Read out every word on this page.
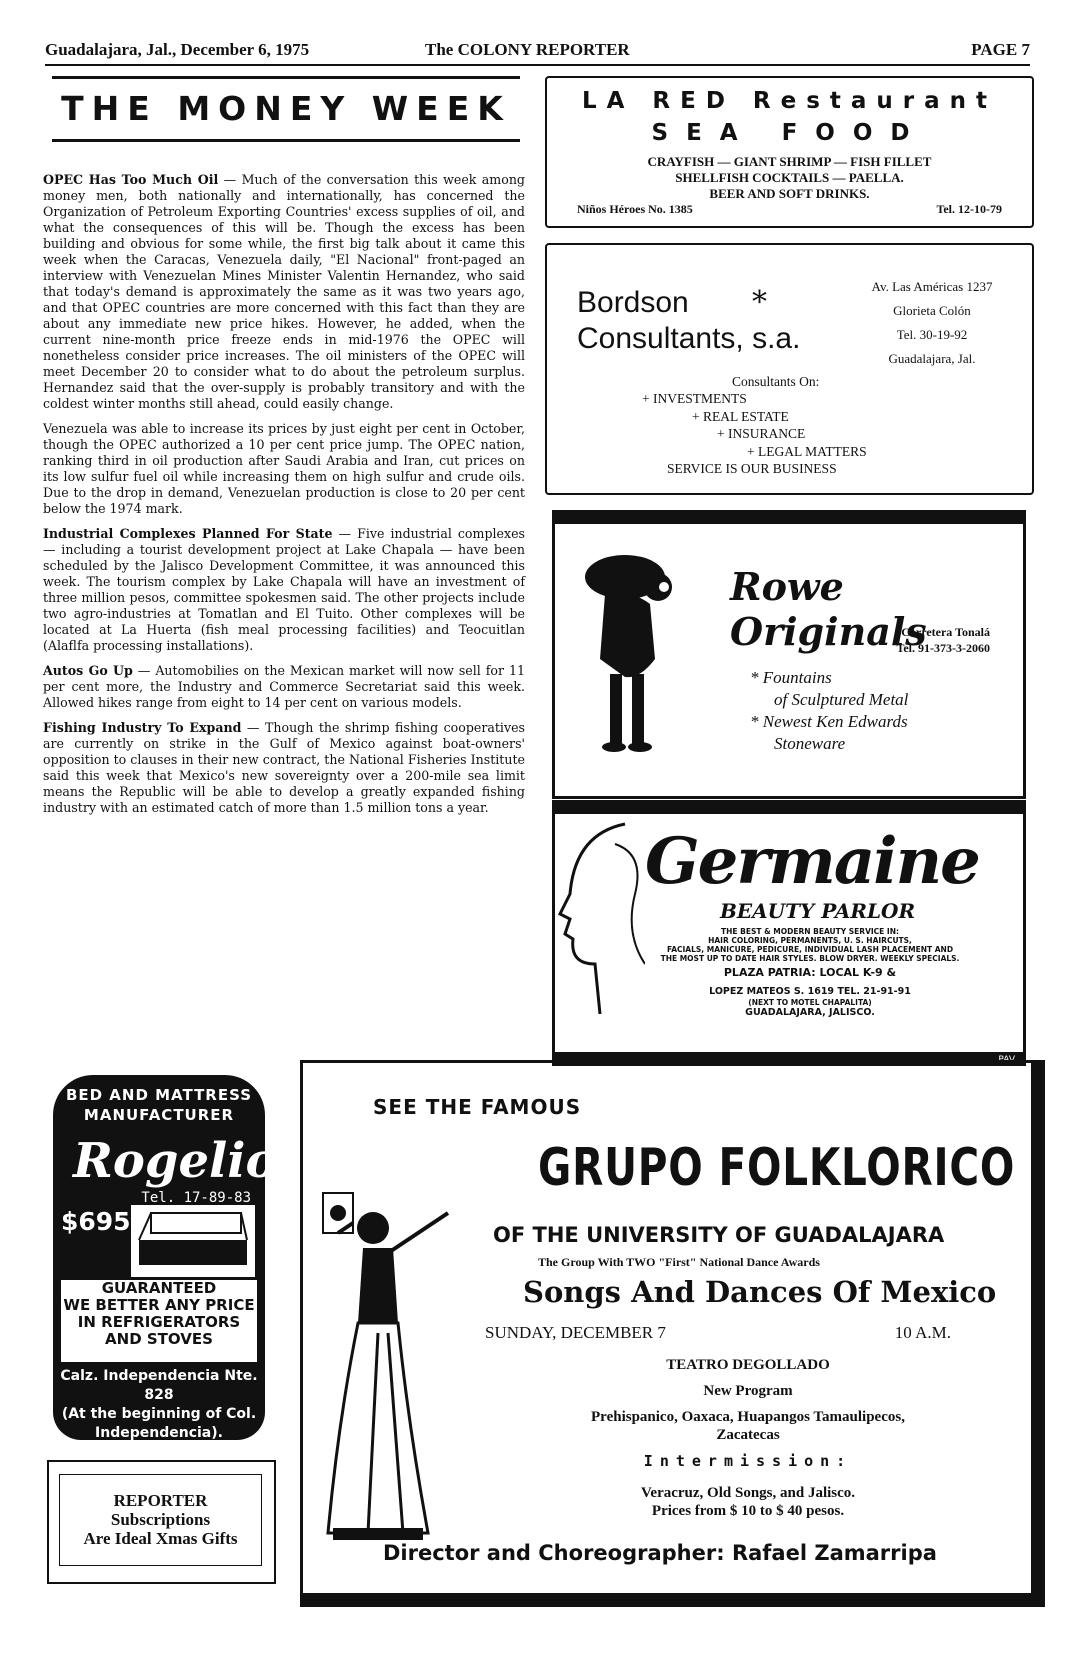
Guadalajara, Jal., December 6, 1975	The COLONY REPORTER	PAGE 7
THE MONEY WEEK

OPEC Has Too Much Oil — Much of the conversation this week among money men, both nationally and internationally, has concerned the Organization of Petroleum Exporting Countries' excess supplies of oil, and what the consequences of this will be. Though the excess has been building and obvious for some while, the first big talk about it came this week when the Caracas, Venezuela daily, "El Nacional" front-paged an interview with Venezuelan Mines Minister Valentin Hernandez, who said that today's demand is approximately the same as it was two years ago, and that OPEC countries are more concerned with this fact than they are about any immediate new price hikes. However, he added, when the current nine-month price freeze ends in mid-1976 the OPEC will nonetheless consider price increases. The oil ministers of the OPEC will meet December 20 to consider what to do about the petroleum surplus. Hernandez said that the over-supply is probably transitory and with the coldest winter months still ahead, could easily change.

Venezuela was able to increase its prices by just eight per cent in October, though the OPEC authorized a 10 per cent price jump. The OPEC nation, ranking third in oil production after Saudi Arabia and Iran, cut prices on its low sulfur fuel oil while increasing them on high sulfur and crude oils. Due to the drop in demand, Venezuelan production is close to 20 per cent below the 1974 mark.

Industrial Complexes Planned For State — Five industrial complexes — including a tourist development project at Lake Chapala — have been scheduled by the Jalisco Development Committee, it was announced this week. The tourism complex by Lake Chapala will have an investment of three million pesos, committee spokesmen said. The other projects include two agro-industries at Tomatlan and El Tuito. Other complexes will be located at La Huerta (fish meal processing facilities) and Teocuitlan (Alaflfa processing installations).

Autos Go Up — Automobilies on the Mexican market will now sell for 11 per cent more, the Industry and Commerce Secretariat said this week. Allowed hikes range from eight to 14 per cent on various models.

Fishing Industry To Expand — Though the shrimp fishing cooperatives are currently on strike in the Gulf of Mexico against boat-owners' opposition to clauses in their new contract, the National Fisheries Institute said this week that Mexico's new sovereignty over a 200-mile sea limit means the Republic will be able to develop a greatly expanded fishing industry with an estimated catch of more than 1.5 million tons a year.

LA RED Restaurant
SEA FOOD
CRAYFISH — GIANT SHRIMP — FISH FILLET
SHELLFISH COCKTAILS — PAELLA.
BEER AND SOFT DRINKS.
Niños Héroes No. 1385	Tel. 12-10-79
Bordson
Consultants, s.a.
*	Av. Las Américas 1237
Glorieta Colón
Tel. 30-19-92
Guadalajara, Jal.
Consultants On:
+ INVESTMENTS
+ REAL ESTATE
+ INSURANCE
+ LEGAL MATTERS
SERVICE IS OUR BUSINESS
Rowe Originals
Carretera Tonalá
Tel. 91-373-3-2060
* Fountains
of Sculptured Metal
* Newest Ken Edwards
Stoneware
Germaine
BEAUTY PARLOR
THE BEST & MODERN BEAUTY SERVICE IN:
HAIR COLORING, PERMANENTS, U. S. HAIRCUTS,
FACIALS, MANICURE, PEDICURE, INDIVIDUAL LASH PLACEMENT AND
THE MOST UP TO DATE HAIR STYLES. BLOW DRYER. WEEKLY SPECIALS.
PLAZA PATRIA: LOCAL K-9 &
LOPEZ MATEOS S. 1619 TEL. 21-91-91
(NEXT TO MOTEL CHAPALITA)
GUADALAJARA, JALISCO.
PAV
BED AND MATTRESS
MANUFACTURER
Rogelio
Tel. 17-89-83
$695.
GUARANTEED
WE BETTER ANY PRICE
IN REFRIGERATORS
AND STOVES
Calz. Independencia Nte. 828
(At the beginning of Col.
Independencia).
REPORTER
Subscriptions
Are Ideal Xmas Gifts
SEE THE FAMOUS
GRUPO FOLKLORICO
OF THE UNIVERSITY OF GUADALAJARA
The Group With TWO "First" National Dance Awards
Songs And Dances Of Mexico
SUNDAY, DECEMBER 7	10 A.M.
TEATRO DEGOLLADO
New Program
Prehispanico, Oaxaca, Huapangos Tamaulipecos,
Zacatecas
Intermission:
Veracruz, Old Songs, and Jalisco.
Prices from $ 10 to $ 40 pesos.
Director and Choreographer: Rafael Zamarripa
